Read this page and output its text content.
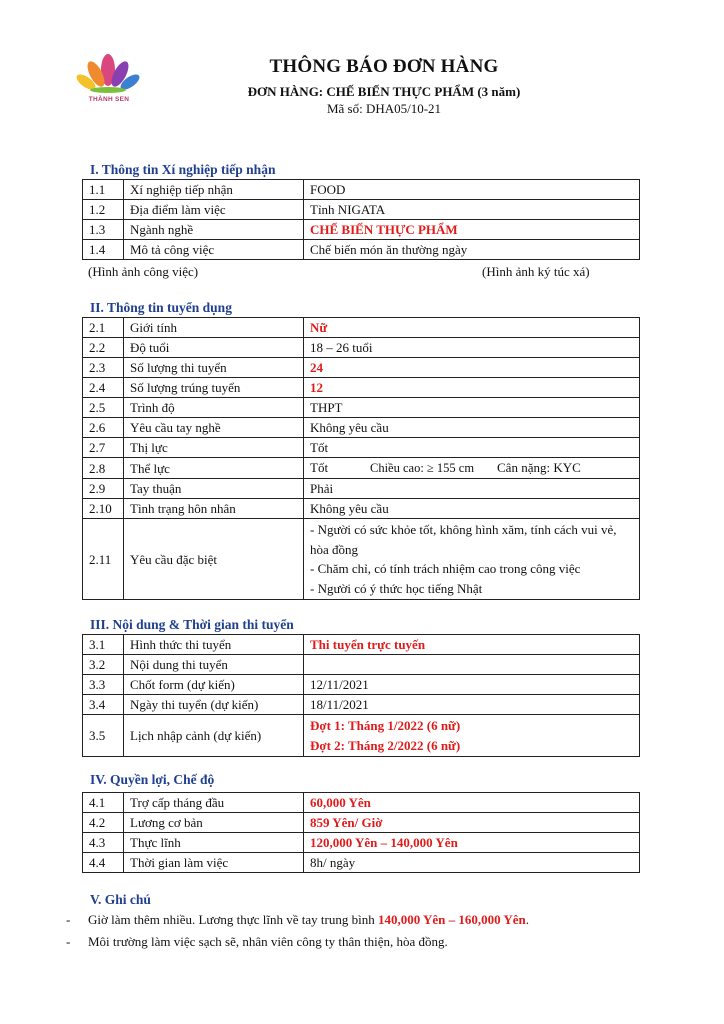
THÀNH SEN
THÔNG BÁO ĐƠN HÀNG
ĐƠN HÀNG: CHẾ BIẾN THỰC PHẨM (3 năm)
Mã số: DHA05/10-21
I. Thông tin Xí nghiệp tiếp nhận
1.1	Xí nghiệp tiếp nhận	FOOD
1.2	Địa điểm làm việc	Tỉnh NIGATA
1.3	Ngành nghề	CHẾ BIẾN THỰC PHẨM
1.4	Mô tả công việc	Chế biến món ăn thường ngày
(Hình ảnh công việc)	(Hình ảnh ký túc xá)
II. Thông tin tuyển dụng
2.1	Giới tính	Nữ
2.2	Độ tuổi	18 – 26 tuổi
2.3	Số lượng thi tuyển	24
2.4	Số lượng trúng tuyển	12
2.5	Trình độ	THPT
2.6	Yêu cầu tay nghề	Không yêu cầu
2.7	Thị lực	Tốt
2.8	Thể lực	Tốt Chiều cao: ≥ 155 cm Cân nặng: KYC
2.9	Tay thuận	Phải
2.10	Tình trạng hôn nhân	Không yêu cầu
2.11	Yêu cầu đặc biệt	- Người có sức khỏe tốt, không hình xăm, tính cách vui vẻ, hòa đồng
- Chăm chỉ, có tính trách nhiệm cao trong công việc
- Người có ý thức học tiếng Nhật
III. Nội dung & Thời gian thi tuyển
3.1	Hình thức thi tuyển	Thi tuyển trực tuyến
3.2	Nội dung thi tuyển	
3.3	Chốt form (dự kiến)	12/11/2021
3.4	Ngày thi tuyển (dự kiến)	18/11/2021
3.5	Lịch nhập cảnh (dự kiến)	Đợt 1: Tháng 1/2022 (6 nữ)
Đợt 2: Tháng 2/2022 (6 nữ)
IV. Quyền lợi, Chế độ
4.1	Trợ cấp tháng đầu	60,000 Yên
4.2	Lương cơ bản	859 Yên/ Giờ
4.3	Thực lĩnh	120,000 Yên – 140,000 Yên
4.4	Thời gian làm việc	8h/ ngày
V. Ghi chú
- Giờ làm thêm nhiều. Lương thực lĩnh về tay trung bình 140,000 Yên – 160,000 Yên.
- Môi trường làm việc sạch sẽ, nhân viên công ty thân thiện, hòa đồng.
